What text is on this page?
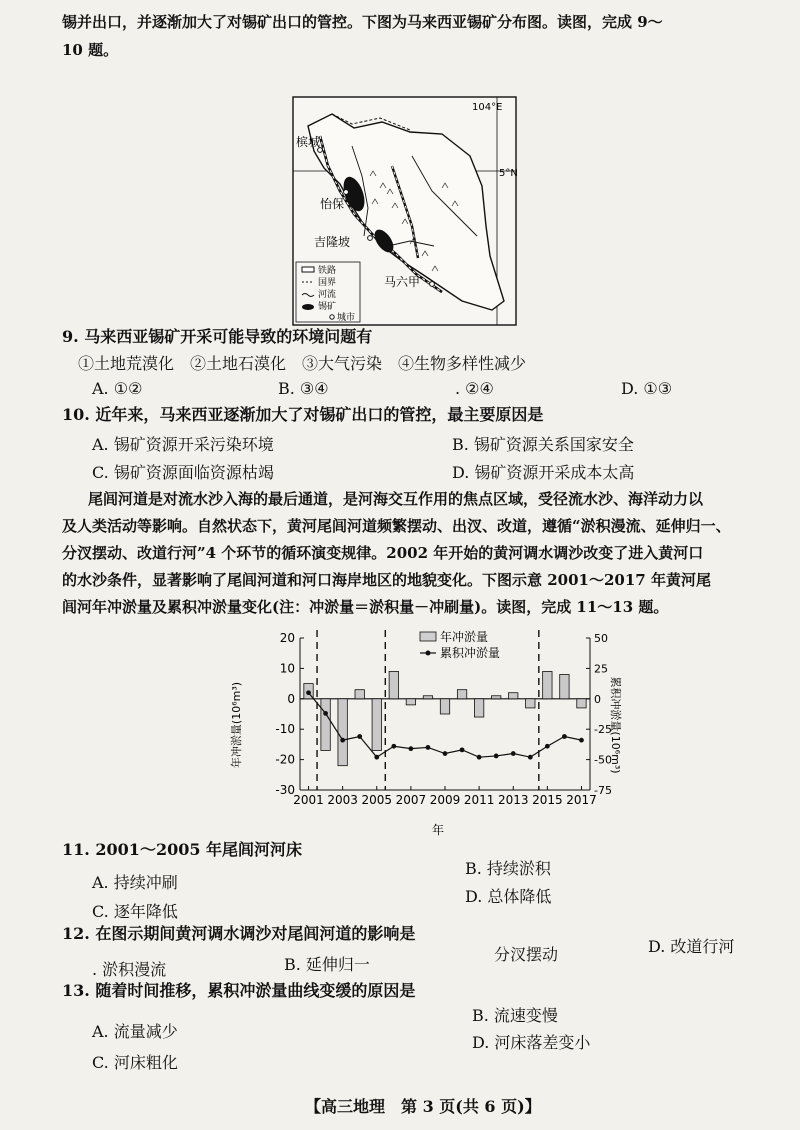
锡并出口，并逐渐加大了对锡矿出口的管控。下图为马来西亚锡矿分布图。读图，完成 9～
10 题。
104°E
5°N
槟城
怡保
吉隆坡
马六甲
铁路
国界
河流
锡矿
城市
9. 马来西亚锡矿开采可能导致的环境问题有
①土地荒漠化　②土地石漠化　③大气污染　④生物多样性减少
A. ①②	B. ③④	. ②④	D. ①③
10. 近年来，马来西亚逐渐加大了对锡矿出口的管控，最主要原因是
A. 锡矿资源开采污染环境	B. 锡矿资源关系国家安全
C. 锡矿资源面临资源枯竭	D. 锡矿资源开采成本太高
尾闾河道是对流水沙入海的最后通道，是河海交互作用的焦点区域，受径流水沙、海洋动力以
及人类活动等影响。自然状态下，黄河尾闾河道频繁摆动、出汊、改道，遵循“淤积漫流、延伸归一、
分汊摆动、改道行河”4 个环节的循环演变规律。2002 年开始的黄河调水调沙改变了进入黄河口
的水沙条件，显著影响了尾闾河道和河口海岸地区的地貌变化。下图示意 2001～2017 年黄河尾
闾河年冲淤量及累积冲淤量变化(注：冲淤量＝淤积量－冲刷量)。读图，完成 11～13 题。
20
10
0
-10
-20
-30
50
25
0
-25
-50
-75
2001 2003 2005 2007 2009 2011 2013 2015 2017
年冲淤量
累积冲淤量
年冲淤量(10⁶m³)	累积冲淤量(10⁶m³)
年
11. 2001～2005 年尾闾河河床
A. 持续冲刷
B. 持续淤积
C. 逐年降低
D. 总体降低
12. 在图示期间黄河调水调沙对尾闾河道的影响是
. 淤积漫流	B. 延伸归一
分汊摆动	D. 改道行河
13. 随着时间推移，累积冲淤量曲线变缓的原因是
A. 流量减少
B. 流速变慢
C. 河床粗化
D. 河床落差变小
【高三地理　第 3 页(共 6 页)】
